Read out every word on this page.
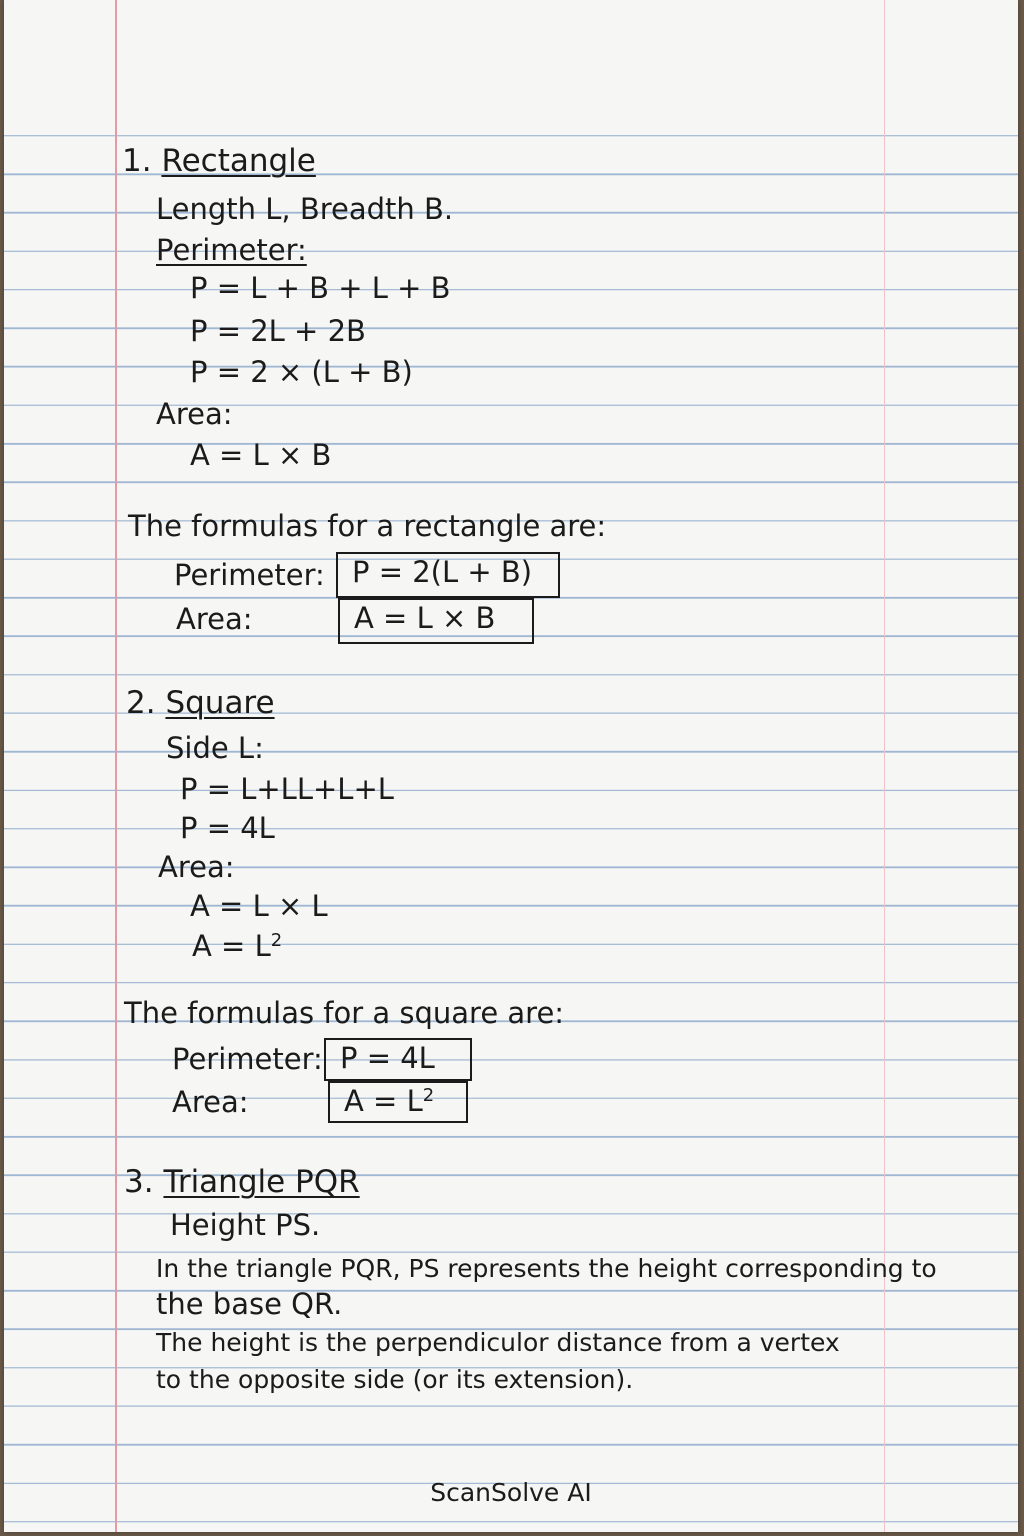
1. Rectangle
Length L, Breadth B.
Perimeter:
P = L + B + L + B
P = 2L + 2B
P = 2 × (L + B)
Area:
A = L × B
The formulas for a rectangle are:
Perimeter: P = 2(L + B)
Area:	A = L × B
2. Square
Side L:
P = L+LL+L+L
P = 4L
Area:
A = L × L
$A = L^2$
The formulas for a square are:
Perimeter: P = 4L
Area:	$A = L^2$
3. Triangle PQR
Height PS.
In the triangle PQR, PS represents the height corresponding to
the base QR.
The height is the perpendiculor distance from a vertex
to the opposite side (or its extension).
ScanSolve AI
